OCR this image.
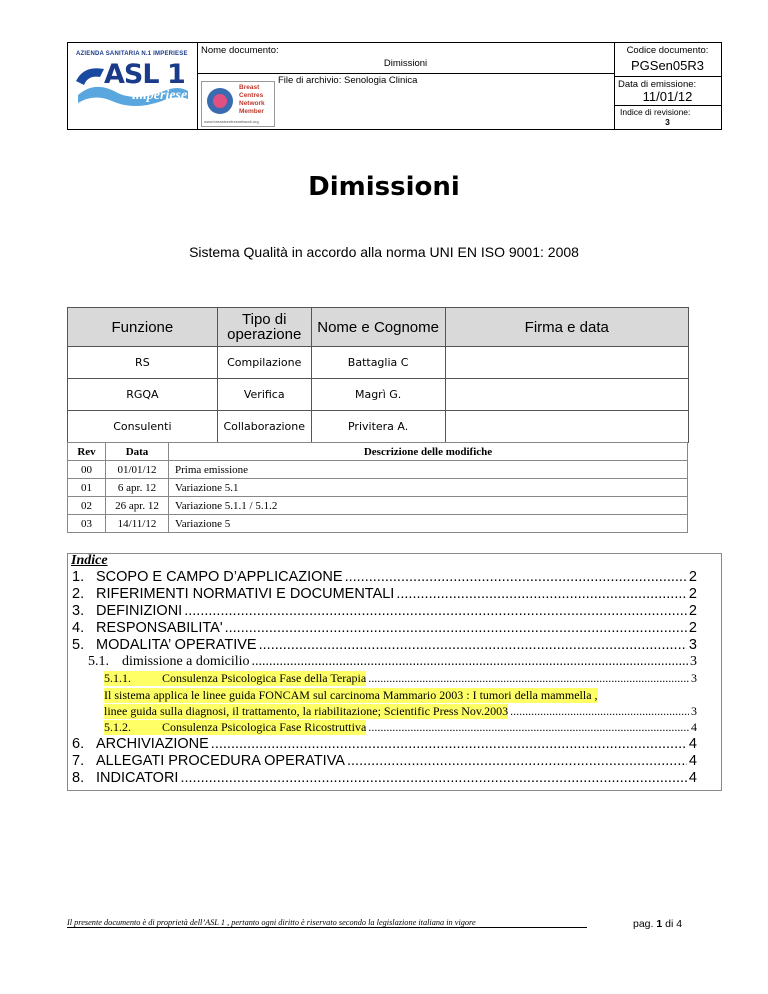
AZIENDA SANITARIA N.1 IMPERIESE
ASL 1
imperiese
Nome documento:
Dimissioni
File di archivio: Senologia Clinica
Breast
Centres
Network
Member
www.breastcentresnetwork.org
Codice documento:
PGSen05R3
Data di emissione:
11/01/12
Indice di revisione:
3
Dimissioni
Sistema Qualità in accordo alla norma UNI EN ISO 9001: 2008
Funzione	Tipo di operazione	Nome e Cognome	Firma e data
RS	Compilazione	Battaglia C	
RGQA	Verifica	Magrì G.	
Consulenti	Collaborazione	Privitera A.	
Rev	Data	Descrizione delle modifiche
00	01/01/12	Prima emissione
01	6 apr. 12	Variazione 5.1
02	26 apr. 12	Variazione 5.1.1 / 5.1.2
03	14/11/12	Variazione 5
Indice
1. SCOPO E CAMPO D’APPLICAZIONE .....	2
2. RIFERIMENTI NORMATIVI E DOCUMENTALI .....	2
3. DEFINIZIONI .....	2
4. RESPONSABILITA' .....	2
5. MODALITA’ OPERATIVE .....	3
5.1. dimissione a domicilio .....	3
5.1.1.	Consulenza Psicologica Fase della Terapia .....	3
Il sistema applica le linee guida FONCAM sul carcinoma Mammario 2003 : I tumori della mammella ,
linee guida sulla diagnosi, il trattamento, la riabilitazione; Scientific Press Nov.2003 .....	3
5.1.2.	Consulenza Psicologica Fase Ricostruttiva .....	4
6. ARCHIVIAZIONE .....	4
7. ALLEGATI PROCEDURA OPERATIVA .....	4
8. INDICATORI .....	4
Il presente documento è di proprietà dell’ASL 1 , pertanto ogni diritto è riservato secondo la legislazione italiana in vigore	pag. 1 di 4
